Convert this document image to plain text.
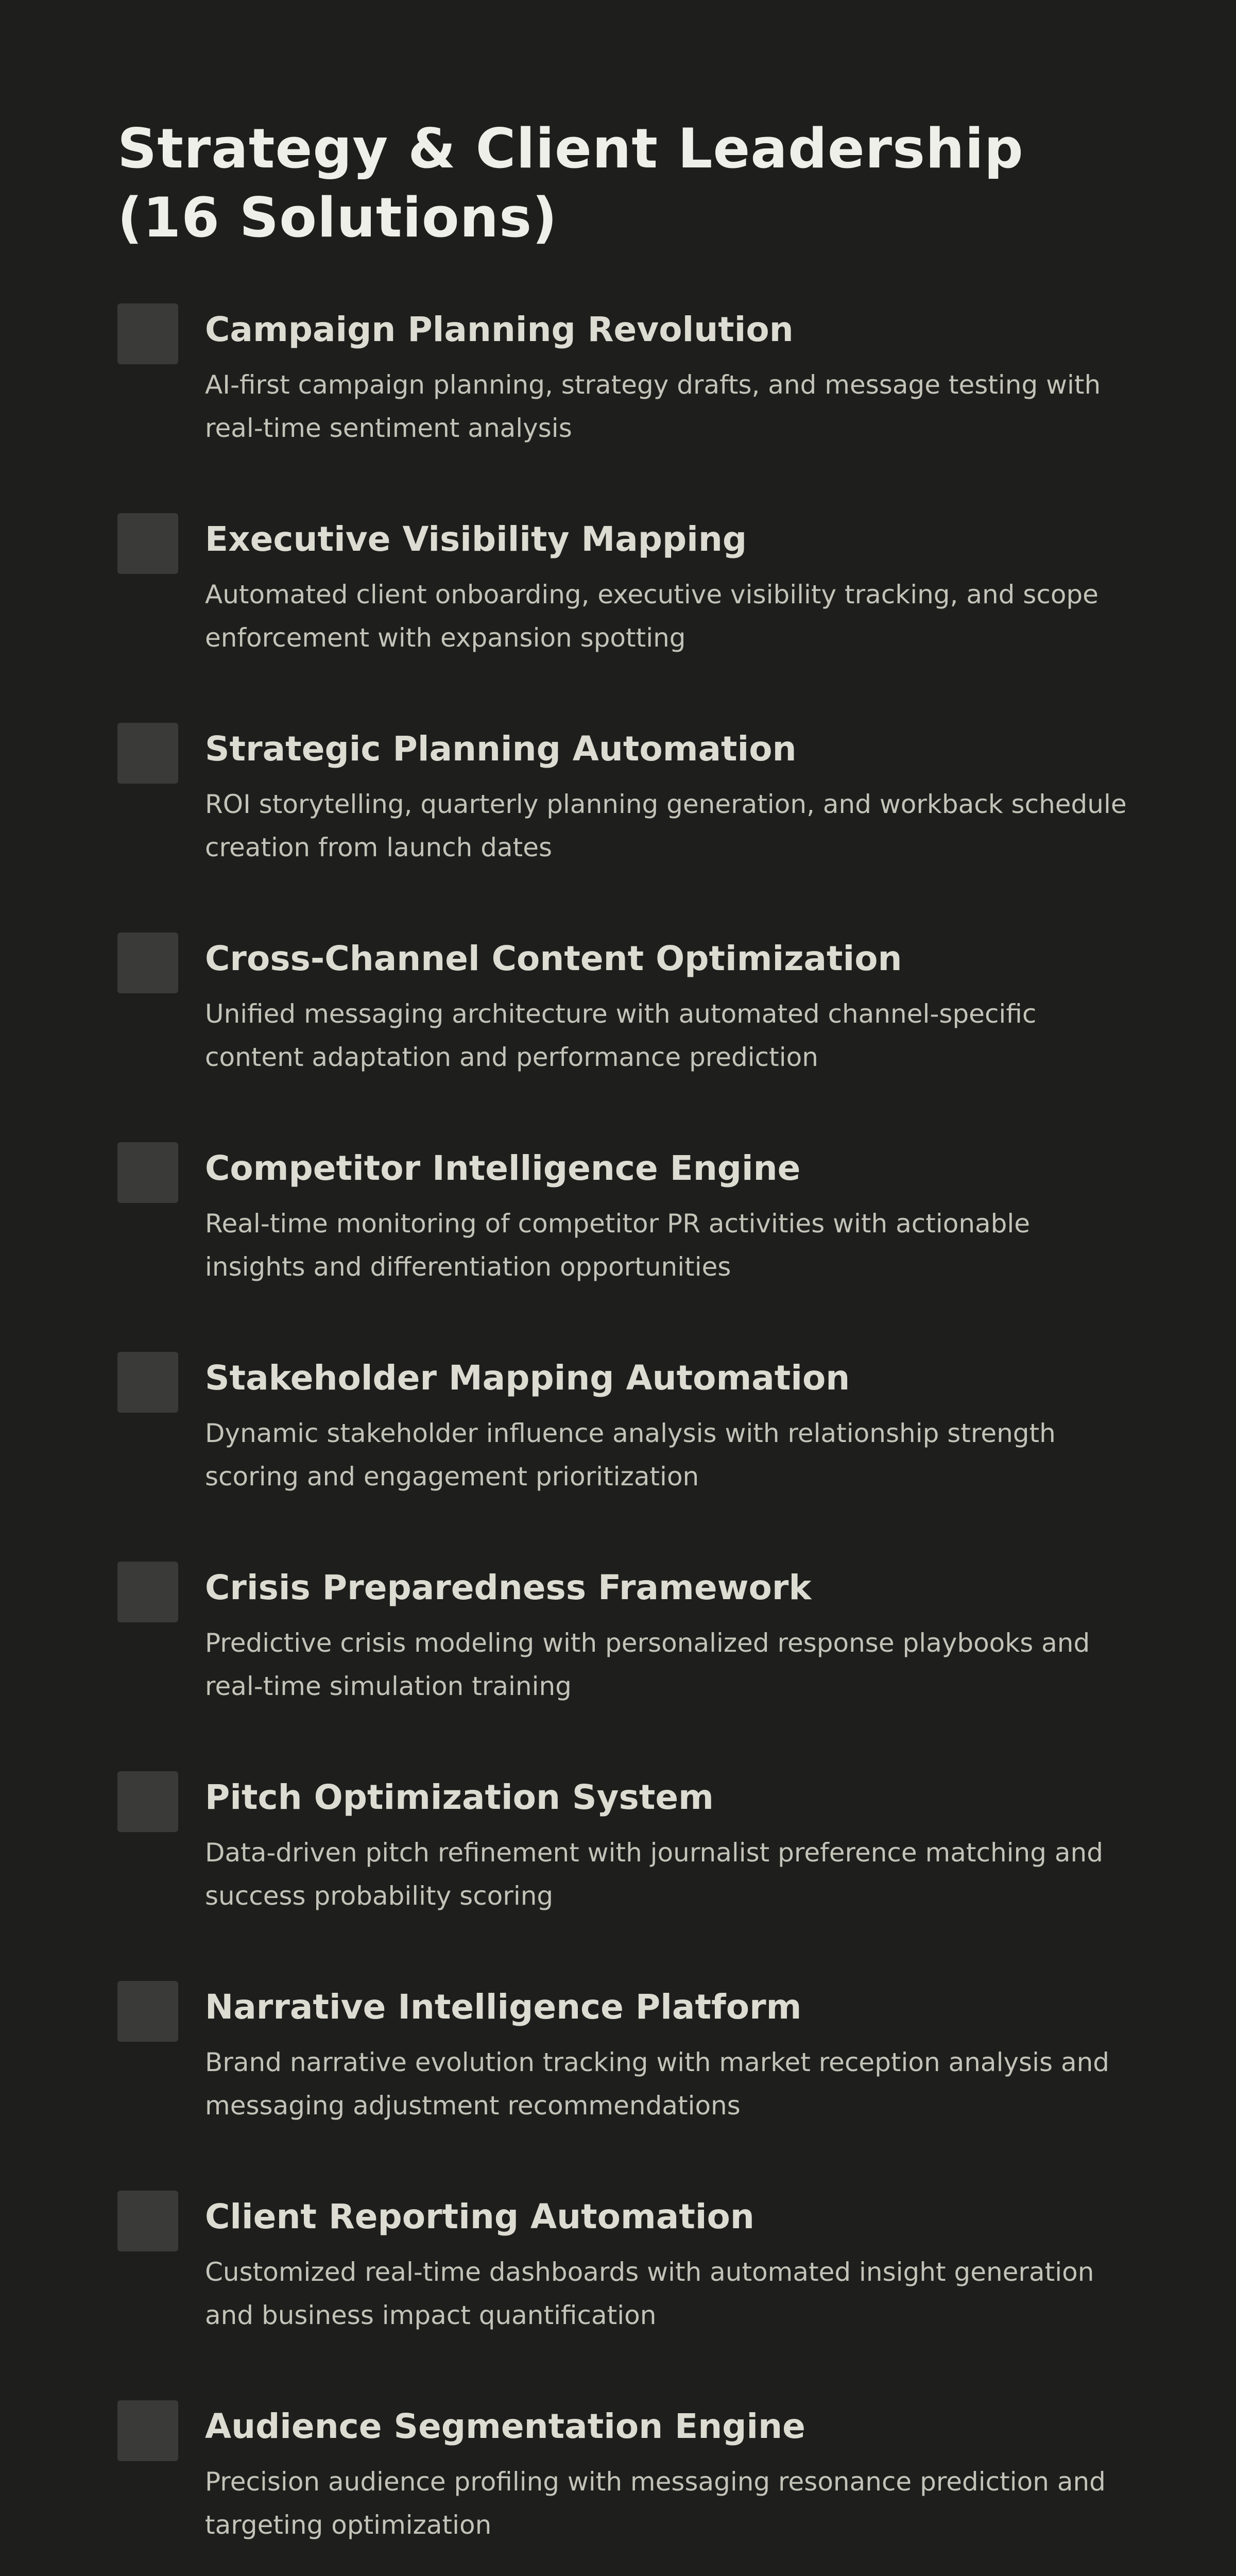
Strategy & Client Leadership (16 Solutions)
Campaign Planning Revolution

AI-first campaign planning, strategy drafts, and message testing with real-time sentiment analysis

Executive Visibility Mapping

Automated client onboarding, executive visibility tracking, and scope enforcement with expansion spotting

Strategic Planning Automation

ROI storytelling, quarterly planning generation, and workback schedule creation from launch dates

Cross-Channel Content Optimization

Unified messaging architecture with automated channel-specific content adaptation and performance prediction

Competitor Intelligence Engine

Real-time monitoring of competitor PR activities with actionable insights and differentiation opportunities

Stakeholder Mapping Automation

Dynamic stakeholder influence analysis with relationship strength scoring and engagement prioritization

Crisis Preparedness Framework

Predictive crisis modeling with personalized response playbooks and real-time simulation training

Pitch Optimization System

Data-driven pitch refinement with journalist preference matching and success probability scoring

Narrative Intelligence Platform

Brand narrative evolution tracking with market reception analysis and messaging adjustment recommendations

Client Reporting Automation

Customized real-time dashboards with automated insight generation and business impact quantification

Audience Segmentation Engine

Precision audience profiling with messaging resonance prediction and targeting optimization
